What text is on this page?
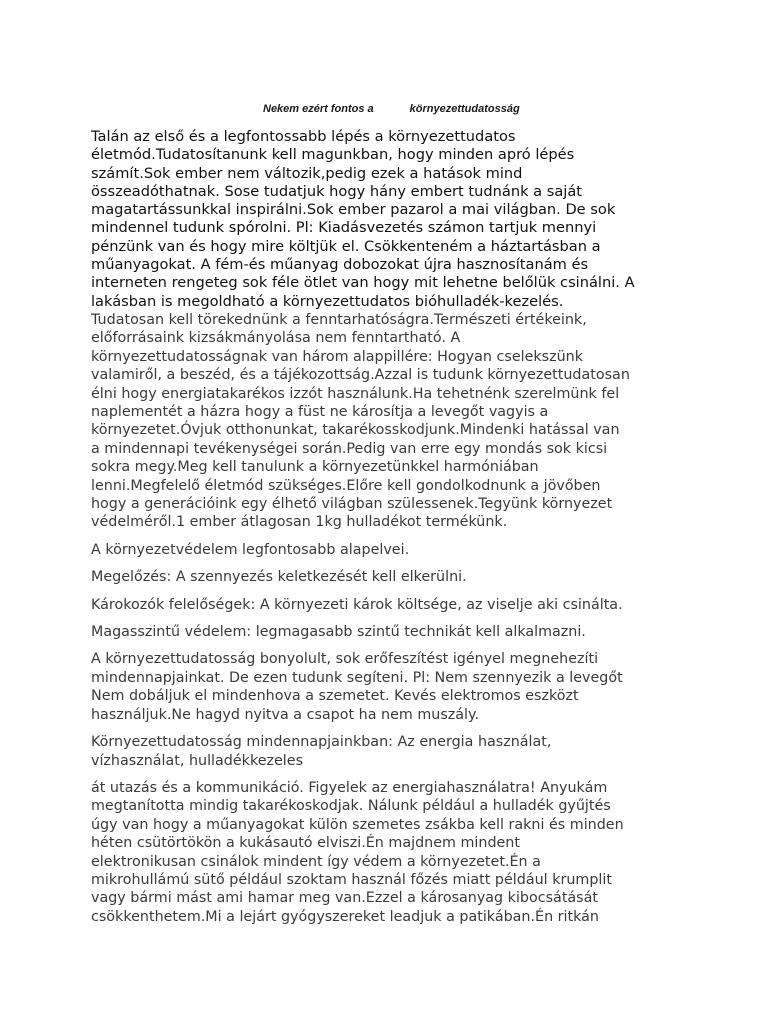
Nekem ezért fontos a	környezettudatosság

Talán az első és a legfontossabb lépés a környezettudatos
életmód.Tudatosítanunk kell magunkban, hogy minden apró lépés
számít.Sok ember nem változik,pedig ezek a hatások mind
összeadóthatnak. Sose tudatjuk hogy hány embert tudnánk a saját
magatartássunkkal inspirálni.Sok ember pazarol a mai világban. De sok
mindennel tudunk spórolni. Pl: Kiadásvezetés számon tartjuk mennyi
pénzünk van és hogy mire költjük el. Csökkenteném a háztartásban a
műanyagokat. A fém-és műanyag dobozokat újra hasznosítanám és
interneten rengeteg sok féle ötlet van hogy mit lehetne belőlük csinálni. A
lakásban is megoldható a környezettudatos bióhulladék-kezelés.

Tudatosan kell törekednünk a fenntarhatóságra.Természeti értékeink,
előforrásaink kizsákmányolása nem fenntartható. A
környezettudatosságnak van három alappillére: Hogyan cselekszünk
valamiről, a beszéd, és a tájékozottság.Azzal is tudunk környezettudatosan
élni hogy energiatakarékos izzót használunk.Ha tehetnénk szerelmünk fel
naplementét a házra hogy a füst ne károsítja a levegőt vagyis a
környezetet.Óvjuk otthonunkat, takarékosskodjunk.Mindenki hatással van
a mindennapi tevékenységei során.Pedig van erre egy mondás sok kicsi
sokra megy.Meg kell tanulunk a környezetünkkel harmóniában
lenni.Megfelelő életmód szükséges.Előre kell gondolkodnunk a jövőben
hogy a generációink egy élhető világban szülessenek.Tegyünk környezet
védelméről.1 ember átlagosan 1kg hulladékot termékünk.

A környezetvédelem legfontosabb alapelvei.

Megelőzés: A szennyezés keletkezését kell elkerülni.

Károkozók felelőségek: A környezeti károk költsége, az viselje aki csinálta.

Magasszintű védelem: legmagasabb szintű technikát kell alkalmazni.

A környezettudatosság bonyolult, sok erőfeszítést igényel megnehezíti
mindennapjainkat. De ezen tudunk segíteni. Pl: Nem szennyezik a levegőt
Nem dobáljuk el mindenhova a szemetet. Kevés elektromos eszközt
használjuk.Ne hagyd nyitva a csapot ha nem muszály.

Környezettudatosság mindennapjainkban: Az energia használat,
vízhasználat, hulladékkezeles

át utazás és a kommunikáció. Figyelek az energiahasználatra! Anyukám
megtanította mindig takarékoskodjak. Nálunk például a hulladék gyűjtés
úgy van hogy a műanyagokat külön szemetes zsákba kell rakni és minden
héten csütörtökön a kukásautó elviszi.Én majdnem mindent
elektronikusan csinálok mindent így védem a környezetet.Én a
mikrohullámú sütő például szoktam használ főzés miatt például krumplit
vagy bármi mást ami hamar meg van.Ezzel a károsanyag kibocsátását
csökkenthetem.Mi a lejárt gyógyszereket leadjuk a patikában.Én ritkán
